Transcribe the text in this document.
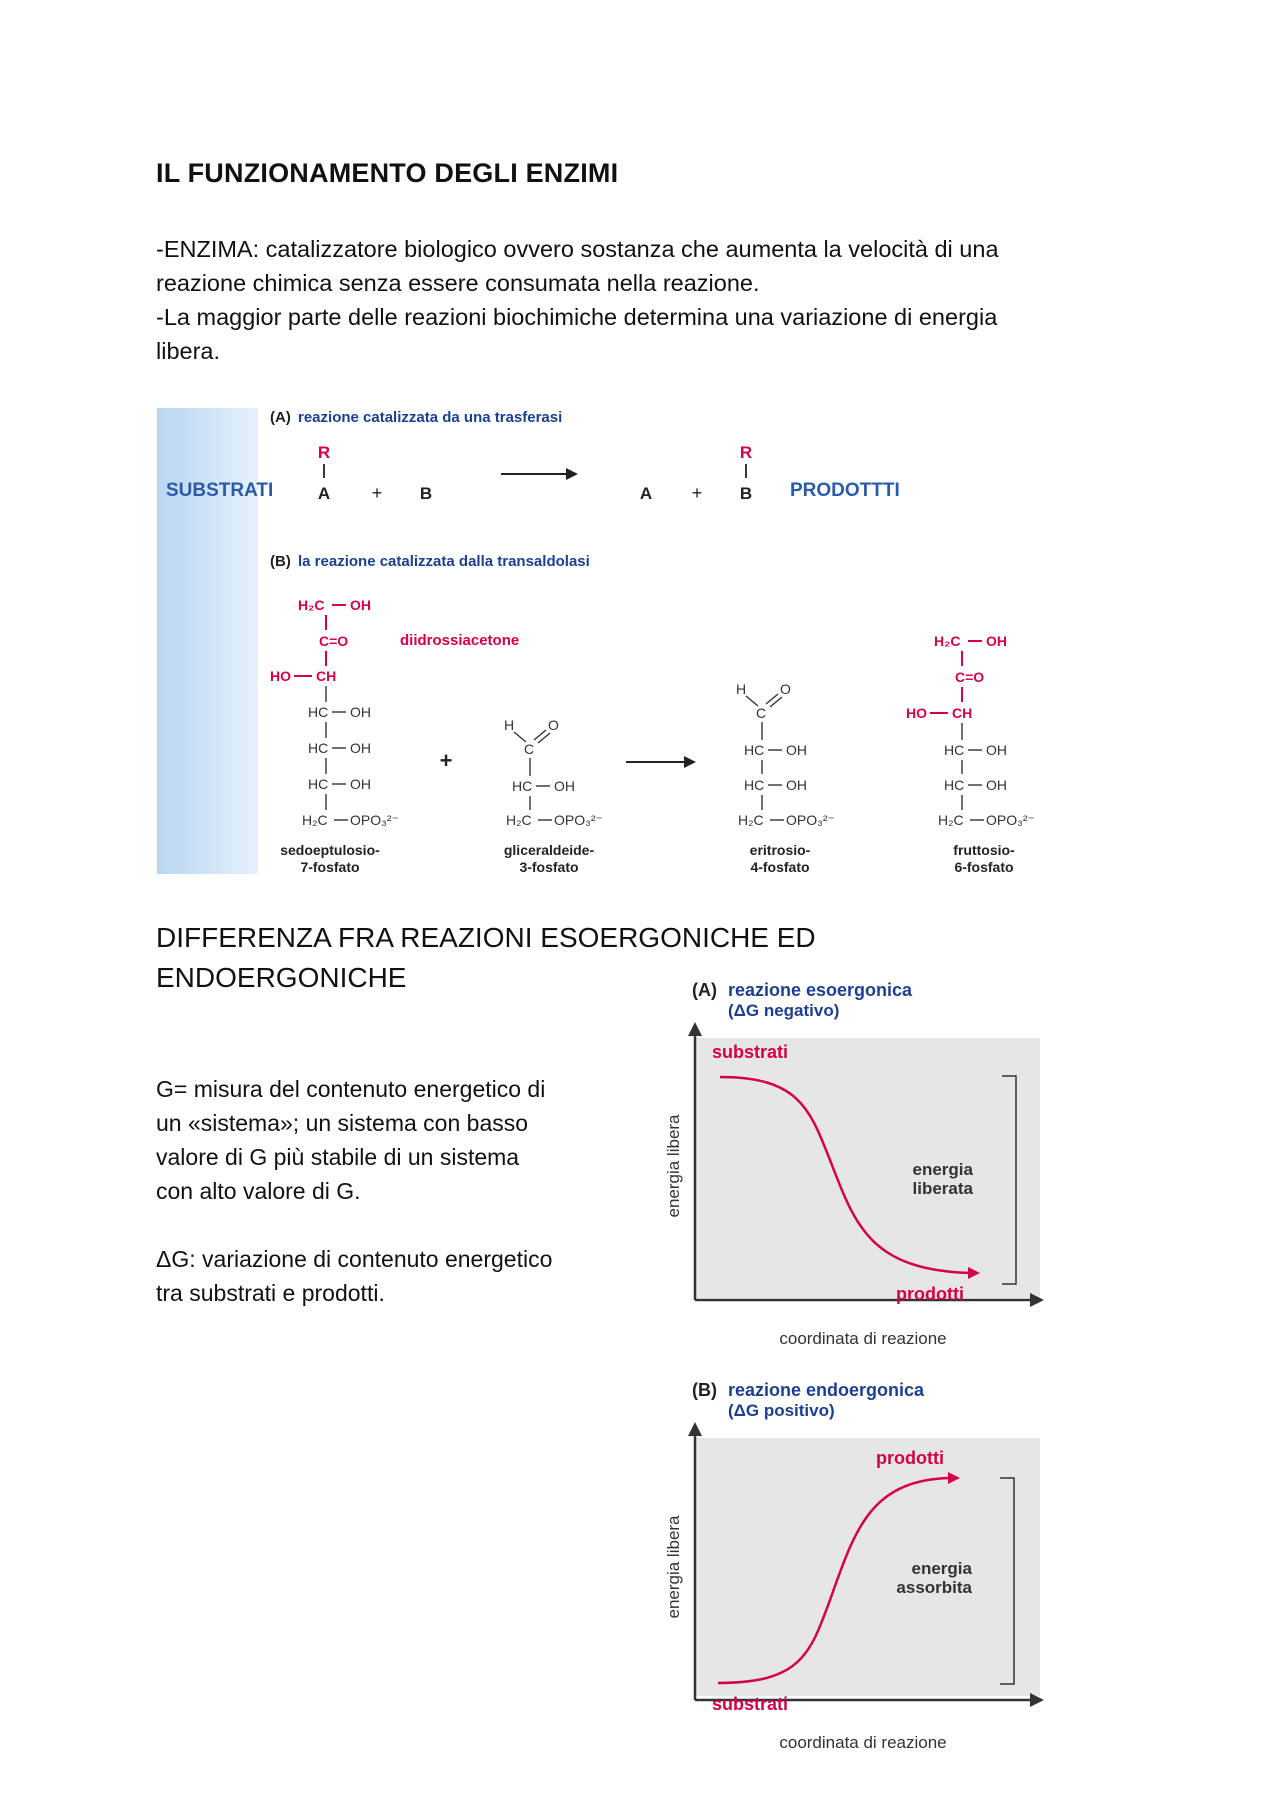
IL FUNZIONAMENTO DEGLI ENZIMI
-ENZIMA: catalizzatore biologico ovvero sostanza che aumenta la velocità di una
reazione chimica senza essere consumata nella reazione.
-La maggior parte delle reazioni biochimiche determina una variazione di energia
libera.
(A) reazione catalizzata da una trasferasi
SUBSTRATI
R
A + B	A +
R
B PRODOTTTI
(B) la reazione catalizzata dalla transaldolasi
H₂C OH
C=O
HO CH
HC OH
HC OH
HC OH
H₂C OPO₃²⁻
diidrossiacetone
sedoeptulosio-
7-fosfato
+
H
C
O
HC OH
H₂C OPO₃²⁻
gliceraldeide-
3-fosfato
H
C
O
HC OH
HC OH
H₂C OPO₃²⁻
eritrosio-
4-fosfato
H₂C OH
C=O
HO CH
HC OH
HC OH
H₂C OPO₃²⁻
fruttosio-
6-fosfato
DIFFERENZA FRA REAZIONI ESOERGONICHE ED
ENDOERGONICHE
G= misura del contenuto energetico di
un «sistema»; un sistema con basso
valore di G più stabile di un sistema
con alto valore di G.
ΔG: variazione di contenuto energetico
tra substrati e prodotti.
(A) reazione esoergonica
(ΔG negativo)
substrati
prodotti
energia
liberata
energia libera
coordinata di reazione
(B) reazione endoergonica
(ΔG positivo)
substrati
prodotti
energia
assorbita
energia libera
coordinata di reazione
